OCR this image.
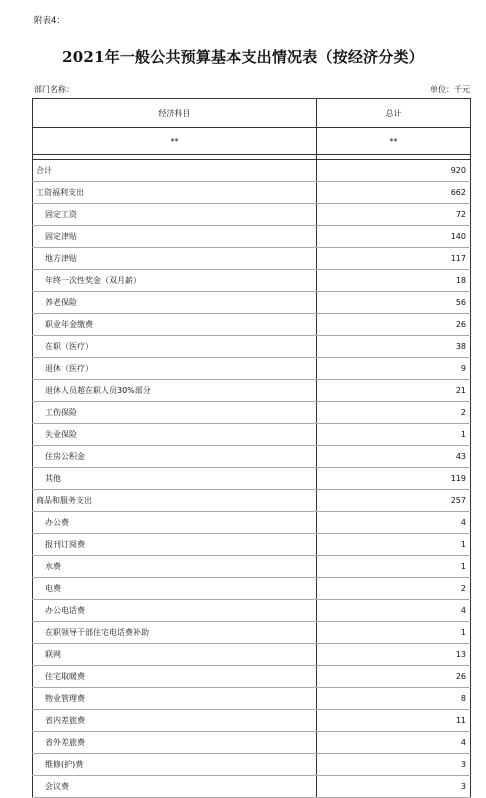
附表4：
2021年一般公共预算基本支出情况表（按经济分类）
部门名称：	单位：千元
经济科目	总计
**	**

合计	920
工资福利支出	662
固定工资	72
固定津贴	140
地方津贴	117
年终一次性奖金（双月薪）	18
养老保险	56
职业年金缴费	26
在职（医疗）	38
退休（医疗）	9
退休人员超在职人员30%部分	21
工伤保险	2
失业保险	1
住房公积金	43
其他	119
商品和服务支出	257
办公费	4
报刊订阅费	1
水费	1
电费	2
办公电话费	4
在职领导干部住宅电话费补助	1
联网	13
住宅取暖费	26
物业管理费	8
省内差旅费	11
省外差旅费	4
维修(护)费	3
会议费	3
